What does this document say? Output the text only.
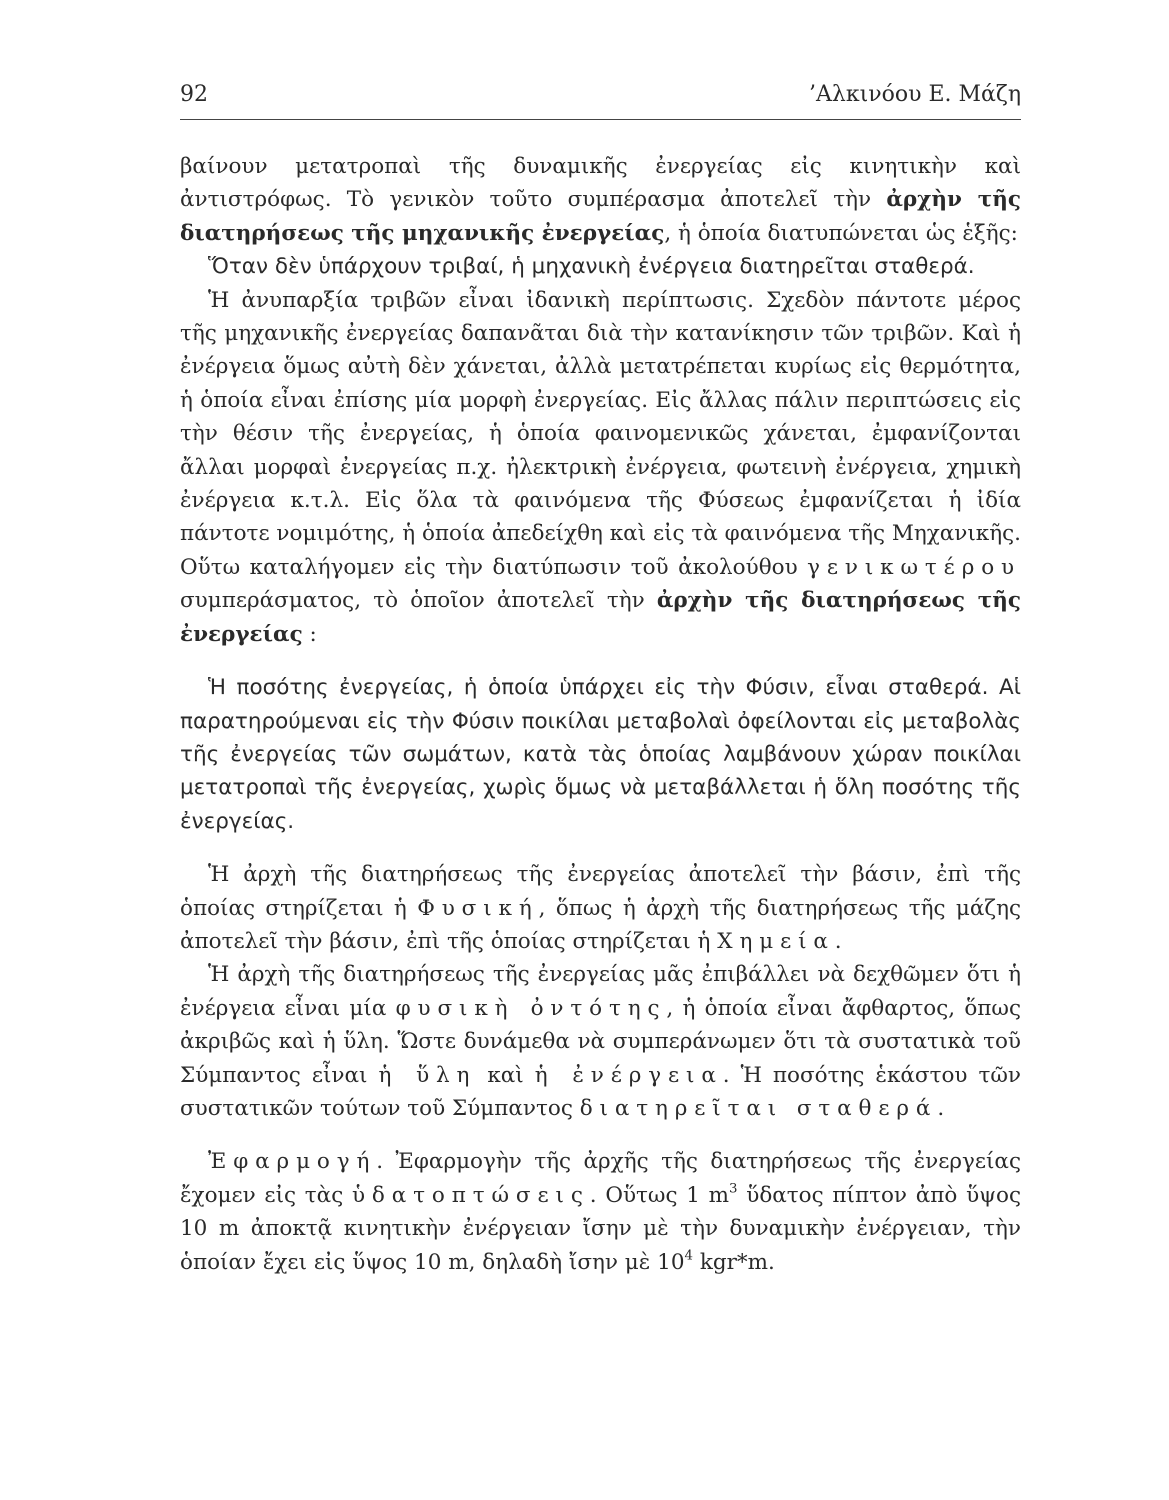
92	’Αλκινόου Ε. Μάζη

βαίνουν μετατροπαὶ τῆς δυναμικῆς ἐνεργείας εἰς κινητικὴν καὶ ἀντιστρόφως. Τὸ γενικὸν τοῦτο συμπέρασμα ἀποτελεῖ τὴν ἀρχὴν τῆς διατηρήσεως τῆς μηχανικῆς ἐνεργείας, ἡ ὁποία διατυπώνεται ὡς ἑξῆς:

Ὅταν δὲν ὑπάρχουν τριβαί, ἡ μηχανικὴ ἐνέργεια διατηρεῖται σταθερά.

Ἡ ἀνυπαρξία τριβῶν εἶναι ἰδανικὴ περίπτωσις. Σχεδὸν πάντοτε μέρος τῆς μηχανικῆς ἐνεργείας δαπανᾶται διὰ τὴν κατανίκησιν τῶν τριβῶν. Καὶ ἡ ἐνέργεια ὅμως αὐτὴ δὲν χάνεται, ἀλλὰ μετατρέπεται κυρίως εἰς θερμότητα, ἡ ὁποία εἶναι ἐπίσης μία μορφὴ ἐνεργείας. Εἰς ἄλλας πάλιν περιπτώσεις εἰς τὴν θέσιν τῆς ἐνεργείας, ἡ ὁποία φαινομενικῶς χάνεται, ἐμφανίζονται ἄλλαι μορφαὶ ἐνεργείας π.χ. ἠλεκτρικὴ ἐνέργεια, φωτεινὴ ἐνέργεια, χημικὴ ἐνέργεια κ.τ.λ. Εἰς ὅλα τὰ φαινόμενα τῆς Φύσεως ἐμφανίζεται ἡ ἰδία πάντοτε νομιμότης, ἡ ὁποία ἀπεδείχθη καὶ εἰς τὰ φαινόμενα τῆς Μηχανικῆς. Οὕτω καταλήγομεν εἰς τὴν διατύπωσιν τοῦ ἀκολούθου γενικωτέρου συμπεράσματος, τὸ ὁποῖον ἀποτελεῖ τὴν ἀρχὴν τῆς διατηρήσεως τῆς ἐνεργείας :

Ἡ ποσότης ἐνεργείας, ἡ ὁποία ὑπάρχει εἰς τὴν Φύσιν, εἶναι σταθερά. Αἱ παρατηρούμεναι εἰς τὴν Φύσιν ποικίλαι μεταβολαὶ ὀφείλονται εἰς μεταβολὰς τῆς ἐνεργείας τῶν σωμάτων, κατὰ τὰς ὁποίας λαμβάνουν χώραν ποικίλαι μετατροπαὶ τῆς ἐνεργείας, χωρὶς ὅμως νὰ μεταβάλλεται ἡ ὅλη ποσότης τῆς ἐνεργείας.

Ἡ ἀρχὴ τῆς διατηρήσεως τῆς ἐνεργείας ἀποτελεῖ τὴν βάσιν, ἐπὶ τῆς ὁποίας στηρίζεται ἡ Φυσική, ὅπως ἡ ἀρχὴ τῆς διατηρήσεως τῆς μάζης ἀποτελεῖ τὴν βάσιν, ἐπὶ τῆς ὁποίας στηρίζεται ἡ Χημεία.

Ἡ ἀρχὴ τῆς διατηρήσεως τῆς ἐνεργείας μᾶς ἐπιβάλλει νὰ δεχθῶμεν ὅτι ἡ ἐνέργεια εἶναι μία φυσικὴ ὀντότης, ἡ ὁποία εἶναι ἄφθαρτος, ὅπως ἀκριβῶς καὶ ἡ ὕλη. Ὥστε δυνάμεθα νὰ συμπεράνωμεν ὅτι τὰ συστατικὰ τοῦ Σύμπαντος εἶναι ἡ ὕλη καὶ ἡ ἐνέργεια. Ἡ ποσότης ἑκάστου τῶν συστατικῶν τούτων τοῦ Σύμπαντος διατηρεῖται σταθερά.

Ἐφαρμογή. Ἐφαρμογὴν τῆς ἀρχῆς τῆς διατηρήσεως τῆς ἐνεργείας ἔχομεν εἰς τὰς ὑδατοπτώσεις. Οὕτως 1 $m^3$ ὕδατος πίπτον ἀπὸ ὕψος 10 m ἀποκτᾷ κινητικὴν ἐνέργειαν ἴσην μὲ τὴν δυναμικὴν ἐνέργειαν, τὴν ὁποίαν ἔχει εἰς ὕψος 10 m, δηλαδὴ ἴσην μὲ $10^4$ kgr*m.
